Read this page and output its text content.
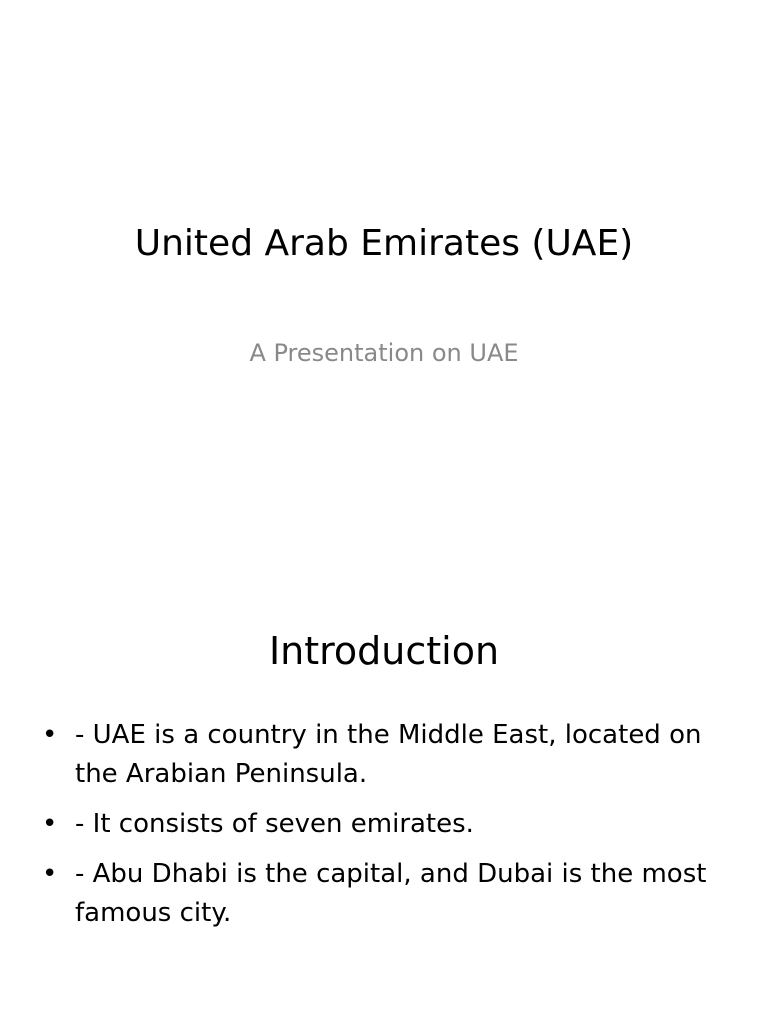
United Arab Emirates (UAE)
A Presentation on UAE
Introduction
• - UAE is a country in the Middle East, located on the Arabian Peninsula.
• - It consists of seven emirates.
• - Abu Dhabi is the capital, and Dubai is the most famous city.
